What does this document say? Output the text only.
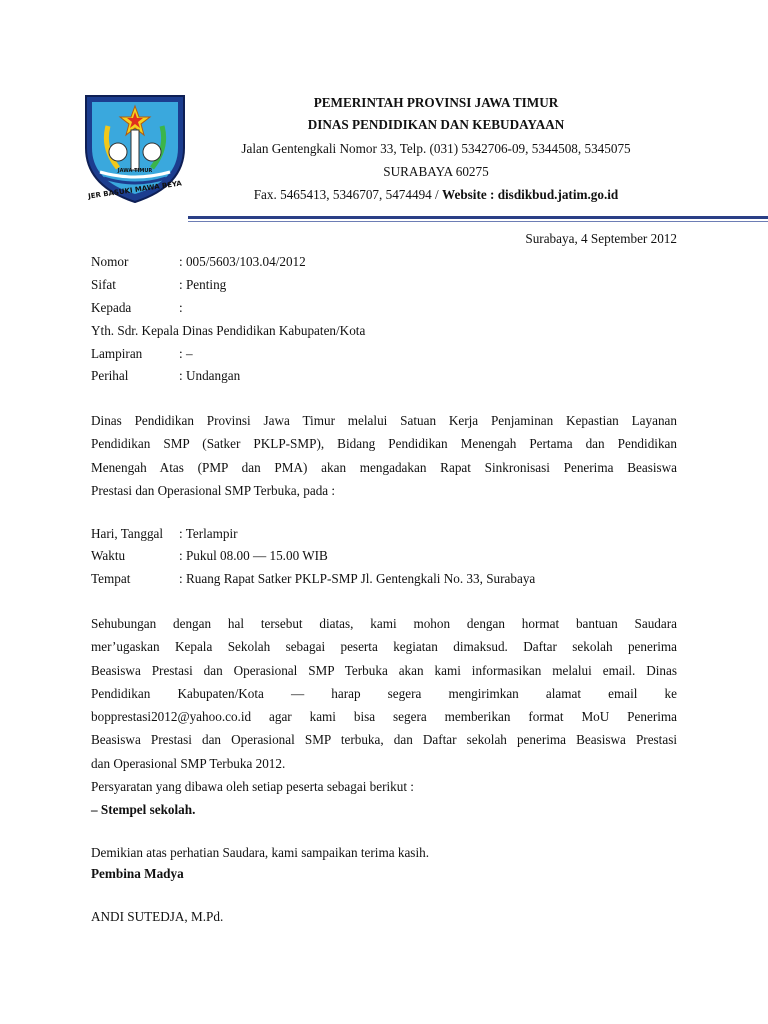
JAWA TIMUR
JER BASUKI MAWA BEYA
PEMERINTAH PROVINSI JAWA TIMUR
DINAS PENDIDIKAN DAN KEBUDAYAAN
Jalan Gentengkali Nomor 33, Telp. (031) 5342706-09, 5344508, 5345075
SURABAYA 60275
Fax. 5465413, 5346707, 5474494 / Website : disdikbud.jatim.go.id
Surabaya, 4 September 2012
Nomor	: 005/5603/103.04/2012
Sifat	: Penting
Kepada	:
Yth. Sdr. Kepala Dinas Pendidikan Kabupaten/Kota
Lampiran	: –
Perihal	: Undangan
Dinas Pendidikan Provinsi Jawa Timur melalui Satuan Kerja Penjaminan Kepastian Layanan
Pendidikan SMP (Satker PKLP-SMP), Bidang Pendidikan Menengah Pertama dan Pendidikan
Menengah Atas (PMP dan PMA) akan mengadakan Rapat Sinkronisasi Penerima Beasiswa
Prestasi dan Operasional SMP Terbuka, pada :
Hari, Tanggal : Terlampir
Waktu	: Pukul 08.00 — 15.00 WIB
Tempat	: Ruang Rapat Satker PKLP-SMP Jl. Gentengkali No. 33, Surabaya
Sehubungan dengan hal tersebut diatas, kami mohon dengan hormat bantuan Saudara
mer’ugaskan Kepala Sekolah sebagai peserta kegiatan dimaksud. Daftar sekolah penerima
Beasiswa Prestasi dan Operasional SMP Terbuka akan kami informasikan melalui email. Dinas
Pendidikan Kabupaten/Kota — harap segera mengirimkan alamat email ke
bopprestasi2012@yahoo.co.id agar kami bisa segera memberikan format MoU Penerima
Beasiswa Prestasi dan Operasional SMP terbuka, dan Daftar sekolah penerima Beasiswa Prestasi
dan Operasional SMP Terbuka 2012.
Persyaratan yang dibawa oleh setiap peserta sebagai berikut :
– Stempel sekolah.
Demikian atas perhatian Saudara, kami sampaikan terima kasih.
Pembina Madya
ANDI SUTEDJA, M.Pd.
